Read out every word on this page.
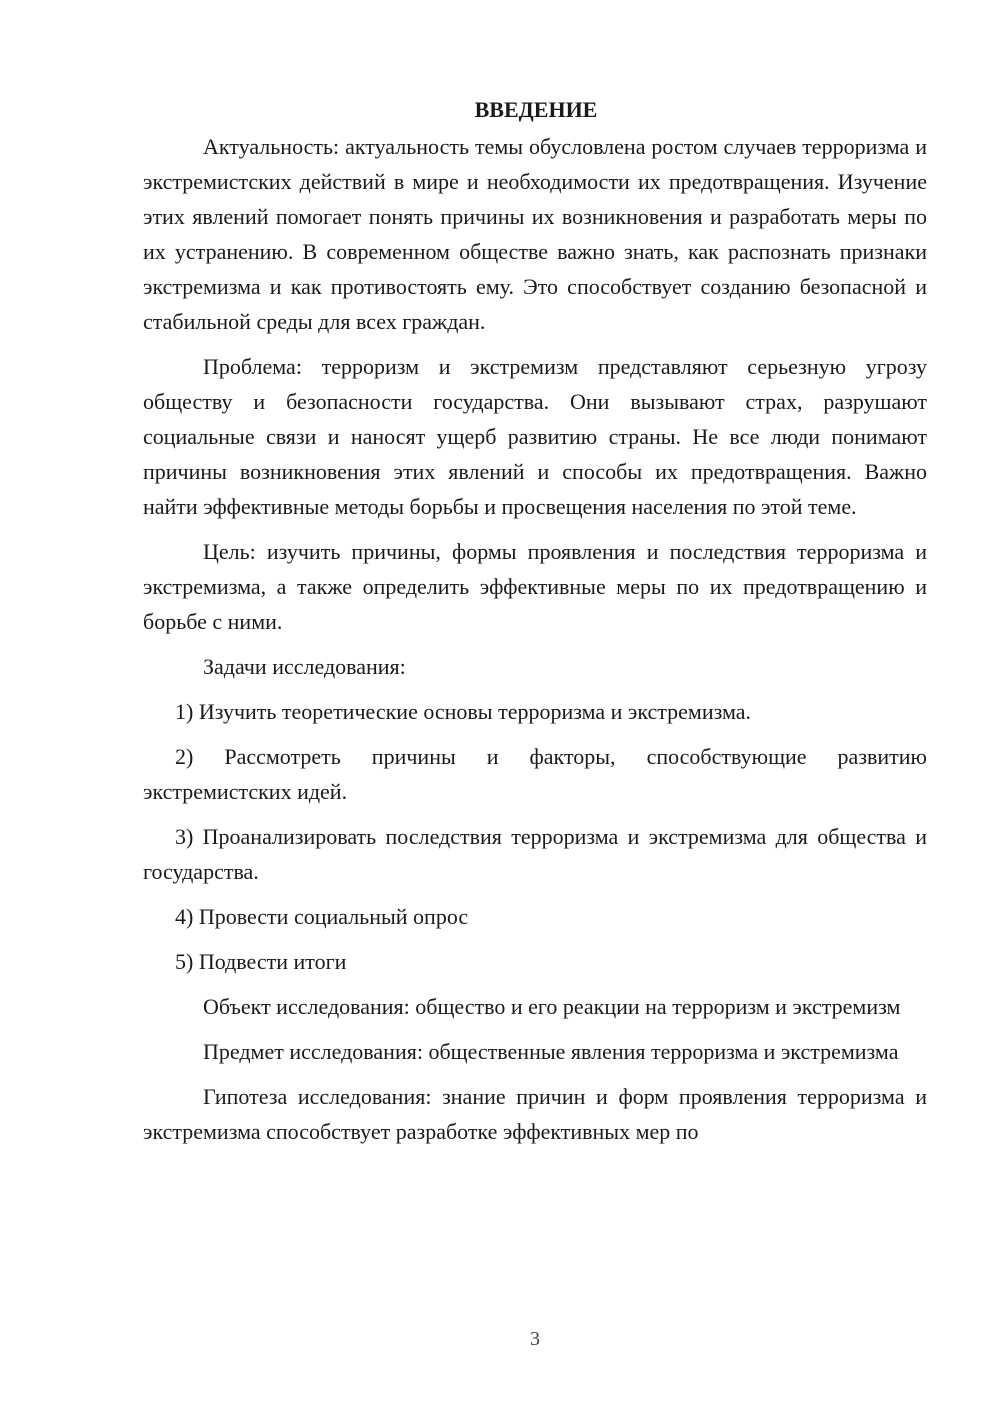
ВВЕДЕНИЕ

Актуальность: актуальность темы обусловлена ростом случаев терроризма и экстремистских действий в мире и необходимости их предотвращения. Изучение этих явлений помогает понять причины их возникновения и разработать меры по их устранению. В современном обществе важно знать, как распознать признаки экстремизма и как противостоять ему. Это способствует созданию безопасной и стабильной среды для всех граждан.

Проблема: терроризм и экстремизм представляют серьезную угрозу обществу и безопасности государства. Они вызывают страх, разрушают социальные связи и наносят ущерб развитию страны. Не все люди понимают причины возникновения этих явлений и способы их предотвращения. Важно найти эффективные методы борьбы и просвещения населения по этой теме.

Цель: изучить причины, формы проявления и последствия терроризма и экстремизма, а также определить эффективные меры по их предотвращению и борьбе с ними.

Задачи исследования:

1) Изучить теоретические основы терроризма и экстремизма.

2) Рассмотреть причины и факторы, способствующие развитию экстремистских идей.

3) Проанализировать последствия терроризма и экстремизма для общества и государства.

4) Провести социальный опрос

5) Подвести итоги

Объект исследования: общество и его реакции на терроризм и экстремизм

Предмет исследования: общественные явления терроризма и экстремизма

Гипотеза исследования: знание причин и форм проявления терроризма и экстремизма способствует разработке эффективных мер по

3
